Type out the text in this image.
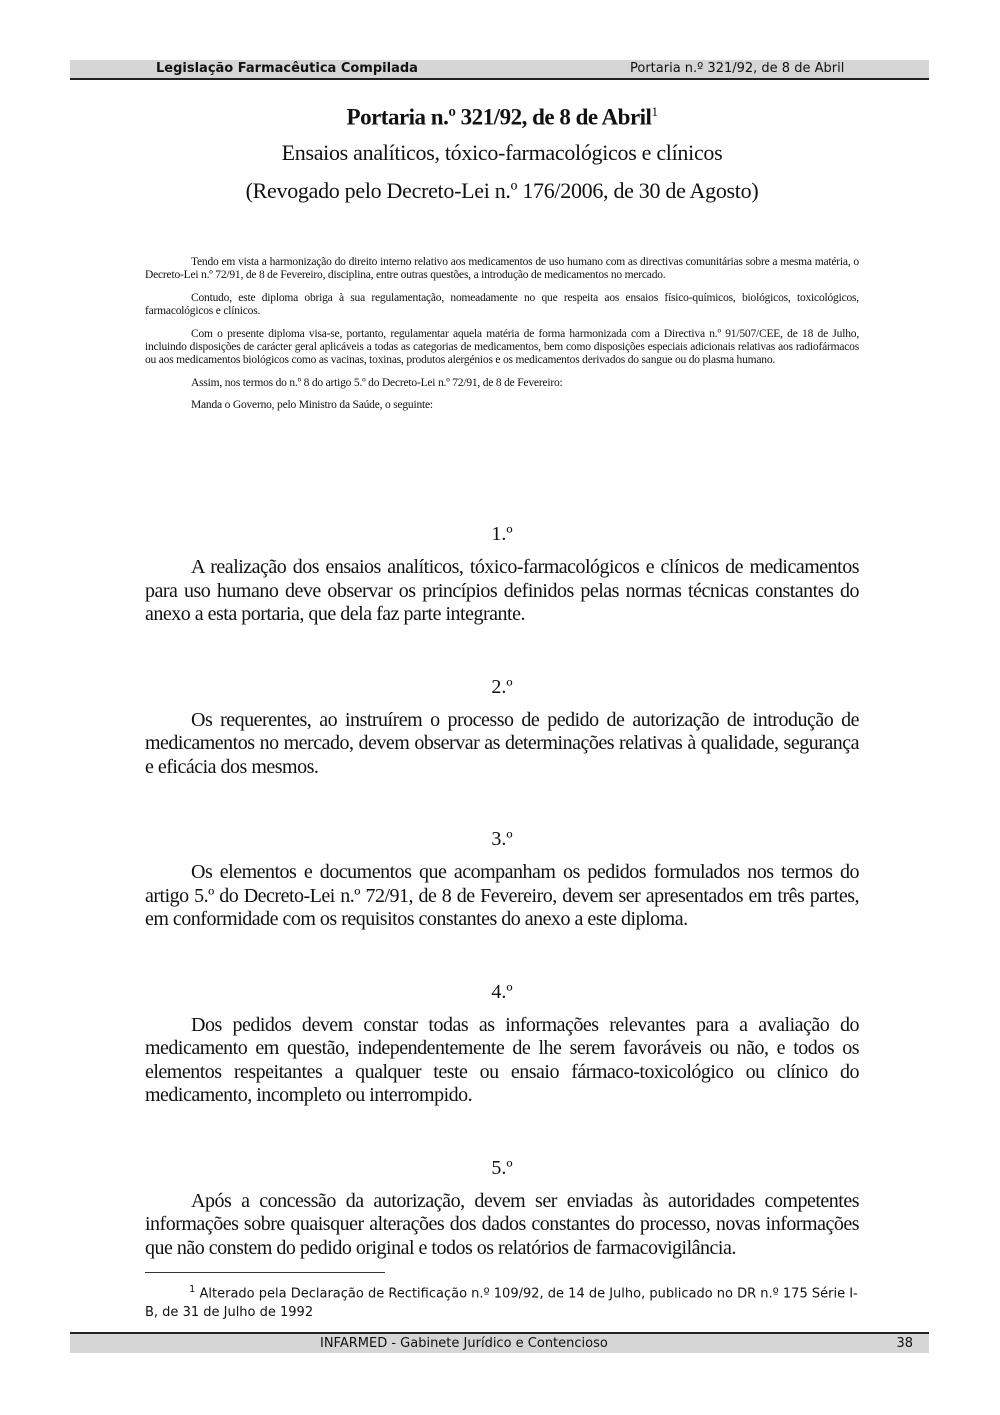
Legislação Farmacêutica Compilada	Portaria n.º 321/92, de 8 de Abril

Portaria n.º 321/92, de 8 de Abril$^1$

Ensaios analíticos, tóxico-farmacológicos e clínicos

(Revogado pelo Decreto-Lei n.º 176/2006, de 30 de Agosto)

Tendo em vista a harmonização do direito interno relativo aos medicamentos de uso humano com as directivas comunitárias sobre a mesma matéria, o Decreto-Lei n.º 72/91, de 8 de Fevereiro, disciplina, entre outras questões, a introdução de medicamentos no mercado.

Contudo, este diploma obriga à sua regulamentação, nomeadamente no que respeita aos ensaios físico-químicos, biológicos, toxicológicos, farmacológicos e clínicos.

Com o presente diploma visa-se, portanto, regulamentar aquela matéria de forma harmonizada com a Directiva n.º 91/507/CEE, de 18 de Julho, incluindo disposições de carácter geral aplicáveis a todas as categorias de medicamentos, bem como disposições especiais adicionais relativas aos radiofármacos ou aos medicamentos biológicos como as vacinas, toxinas, produtos alergénios e os medicamentos derivados do sangue ou do plasma humano.

Assim, nos termos do n.º 8 do artigo 5.º do Decreto-Lei n.º 72/91, de 8 de Fevereiro:

Manda o Governo, pelo Ministro da Saúde, o seguinte:

1.º

A realização dos ensaios analíticos, tóxico-farmacológicos e clínicos de medicamentos para uso humano deve observar os princípios definidos pelas normas técnicas constantes do anexo a esta portaria, que dela faz parte integrante.

2.º

Os requerentes, ao instruírem o processo de pedido de autorização de introdução de medicamentos no mercado, devem observar as determinações relativas à qualidade, segurança e eficácia dos mesmos.

3.º

Os elementos e documentos que acompanham os pedidos formulados nos termos do artigo 5.º do Decreto-Lei n.º 72/91, de 8 de Fevereiro, devem ser apresentados em três partes, em conformidade com os requisitos constantes do anexo a este diploma.

4.º

Dos pedidos devem constar todas as informações relevantes para a avaliação do medicamento em questão, independentemente de lhe serem favoráveis ou não, e todos os elementos respeitantes a qualquer teste ou ensaio fármaco-toxicológico ou clínico do medicamento, incompleto ou interrompido.

5.º

Após a concessão da autorização, devem ser enviadas às autoridades competentes informações sobre quaisquer alterações dos dados constantes do processo, novas informações que não constem do pedido original e todos os relatórios de farmacovigilância.

$^1$ Alterado pela Declaração de Rectificação n.º 109/92, de 14 de Julho, publicado no DR n.º 175 Série I-B, de 31 de Julho de 1992
INFARMED - Gabinete Jurídico e Contencioso	38
